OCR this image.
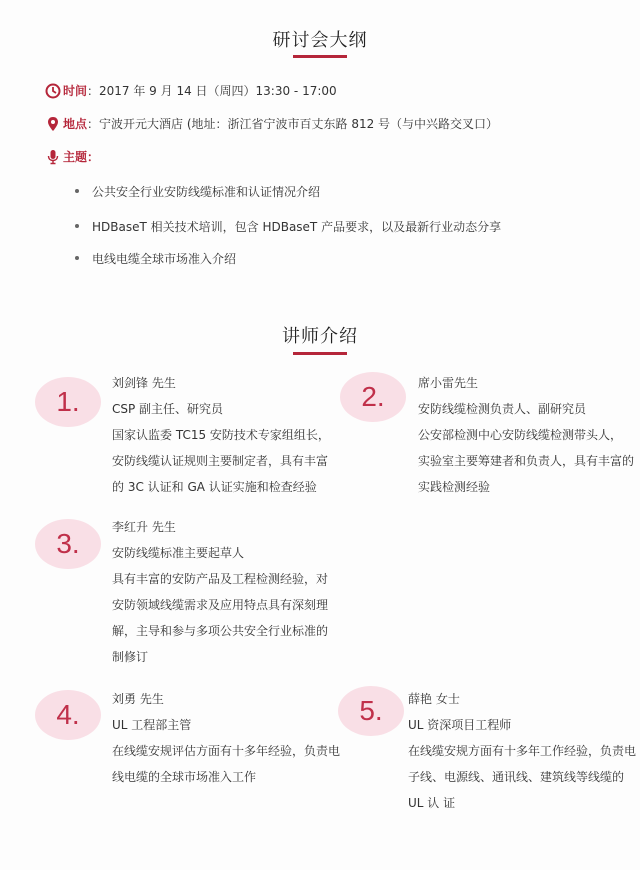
研讨会大纲
时间 ：2017 年 9 月 14 日（周四）13:30 - 17:00
地点 ：宁波开元大酒店 (地址：浙江省宁波市百丈东路 812 号（与中兴路交叉口）
主题 ：
公共安全行业安防线缆标准和认证情况介绍
HDBaseT 相关技术培训，包含 HDBaseT 产品要求，以及最新行业动态分享
电线电缆全球市场准入介绍
讲师介绍
1.
刘剑锋 先生
CSP 副主任、研究员
国家认监委 TC15 安防技术专家组组长，
安防线缆认证规则主要制定者，具有丰富
的 3C 认证和 GA 认证实施和检查经验
2.	席小雷先生
安防线缆检测负责人、副研究员
公安部检测中心安防线缆检测带头人，
实验室主要筹建者和负责人，具有丰富的
实践检测经验
3.
李红升 先生
安防线缆标准主要起草人
具有丰富的安防产品及工程检测经验，对
安防领域线缆需求及应用特点具有深刻理
解，主导和参与多项公共安全行业标准的
制修订
4.	刘勇 先生
UL 工程部主管
在线缆安规评估方面有十多年经验，负责电
线电缆的全球市场准入工作
5.	薛艳 女士
UL 资深项目工程师
在线缆安规方面有十多年工作经验，负责电
子线、电源线、通讯线、建筑线等线缆的
UL 认 证
